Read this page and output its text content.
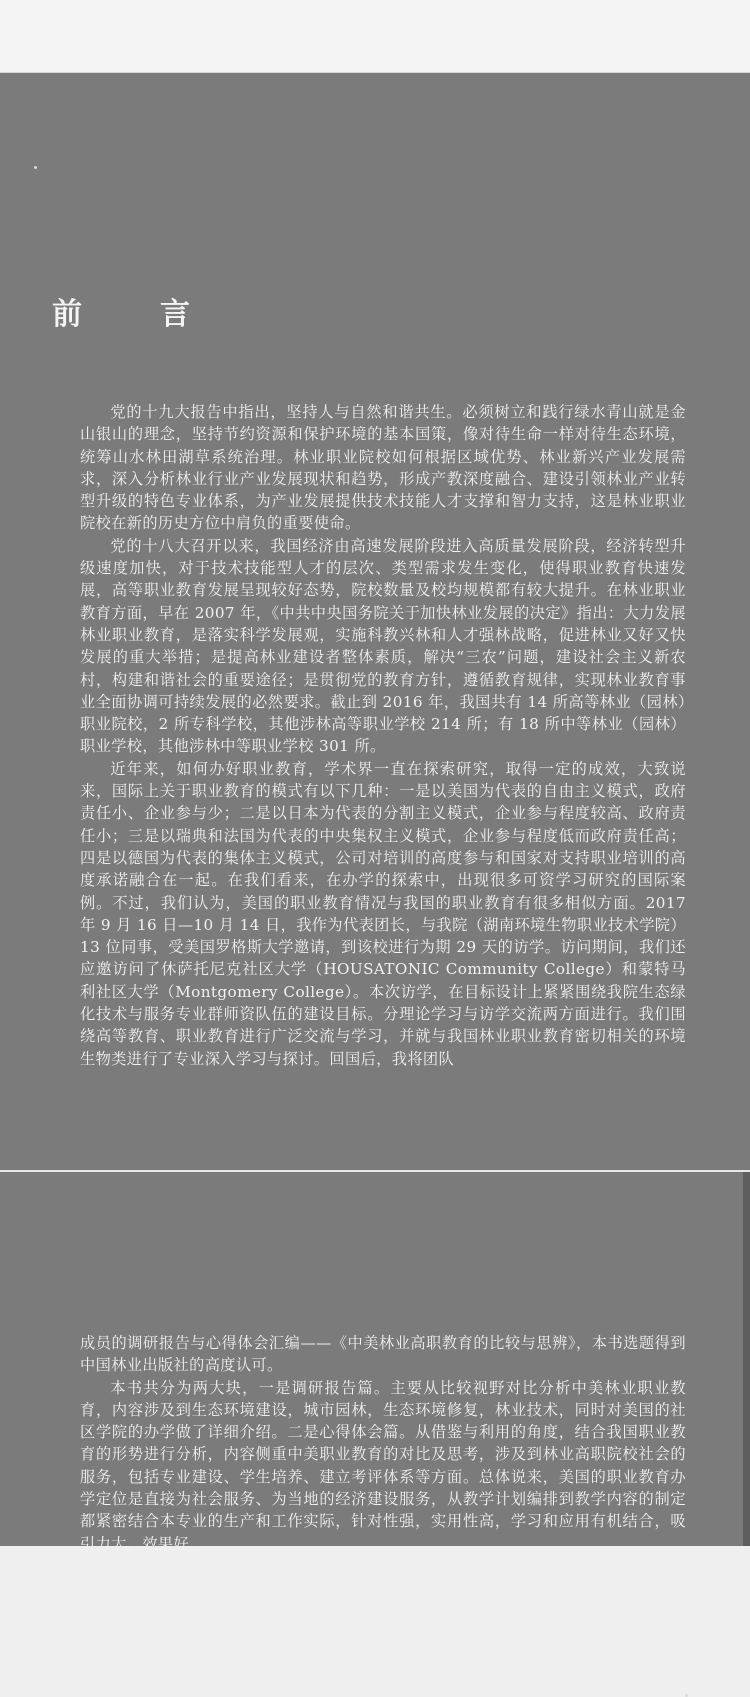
前　言

党的十九大报告中指出，坚持人与自然和谐共生。必须树立和践行绿水青山就是金山银山的理念，坚持节约资源和保护环境的基本国策，像对待生命一样对待生态环境，统筹山水林田湖草系统治理。林业职业院校如何根据区域优势、林业新兴产业发展需求，深入分析林业行业产业发展现状和趋势，形成产教深度融合、建设引领林业产业转型升级的特色专业体系，为产业发展提供技术技能人才支撑和智力支持，这是林业职业院校在新的历史方位中肩负的重要使命。

党的十八大召开以来，我国经济由高速发展阶段进入高质量发展阶段，经济转型升级速度加快，对于技术技能型人才的层次、类型需求发生变化，使得职业教育快速发展，高等职业教育发展呈现较好态势，院校数量及校均规模都有较大提升。在林业职业教育方面，早在 2007 年，《中共中央国务院关于加快林业发展的决定》指出：大力发展林业职业教育，是落实科学发展观，实施科教兴林和人才强林战略，促进林业又好又快发展的重大举措；是提高林业建设者整体素质，解决“三农”问题，建设社会主义新农村，构建和谐社会的重要途径；是贯彻党的教育方针，遵循教育规律，实现林业教育事业全面协调可持续发展的必然要求。截止到 2016 年，我国共有 14 所高等林业（园林）职业院校，2 所专科学校，其他涉林高等职业学校 214 所；有 18 所中等林业（园林）职业学校，其他涉林中等职业学校 301 所。

近年来，如何办好职业教育，学术界一直在探索研究，取得一定的成效，大致说来，国际上关于职业教育的模式有以下几种：一是以美国为代表的自由主义模式，政府责任小、企业参与少；二是以日本为代表的分割主义模式，企业参与程度较高、政府责任小；三是以瑞典和法国为代表的中央集权主义模式，企业参与程度低而政府责任高；四是以德国为代表的集体主义模式，公司对培训的高度参与和国家对支持职业培训的高度承诺融合在一起。在我们看来，在办学的探索中，出现很多可资学习研究的国际案例。不过，我们认为，美国的职业教育情况与我国的职业教育有很多相似方面。2017 年 9 月 16 日—10 月 14 日，我作为代表团长，与我院（湖南环境生物职业技术学院）13 位同事，受美国罗格斯大学邀请，到该校进行为期 29 天的访学。访问期间，我们还应邀访问了休萨托尼克社区大学（HOUSATONIC Community College）和蒙特马利社区大学（Montgomery College）。本次访学，在目标设计上紧紧围绕我院生态绿化技术与服务专业群师资队伍的建设目标。分理论学习与访学交流两方面进行。我们围绕高等教育、职业教育进行广泛交流与学习，并就与我国林业职业教育密切相关的环境生物类进行了专业深入学习与探讨。回国后，我将团队

成员的调研报告与心得体会汇编——《中美林业高职教育的比较与思辨》，本书选题得到中国林业出版社的高度认可。

本书共分为两大块，一是调研报告篇。主要从比较视野对比分析中美林业职业教育，内容涉及到生态环境建设，城市园林，生态环境修复，林业技术，同时对美国的社区学院的办学做了详细介绍。二是心得体会篇。从借鉴与利用的角度，结合我国职业教育的形势进行分析，内容侧重中美职业教育的对比及思考，涉及到林业高职院校社会的服务，包括专业建设、学生培养、建立考评体系等方面。总体说来，美国的职业教育办学定位是直接为社会服务、为当地的经济建设服务，从教学计划编排到教学内容的制定都紧密结合本专业的生产和工作实际，针对性强，实用性高，学习和应用有机结合，吸引力大，效果好。
